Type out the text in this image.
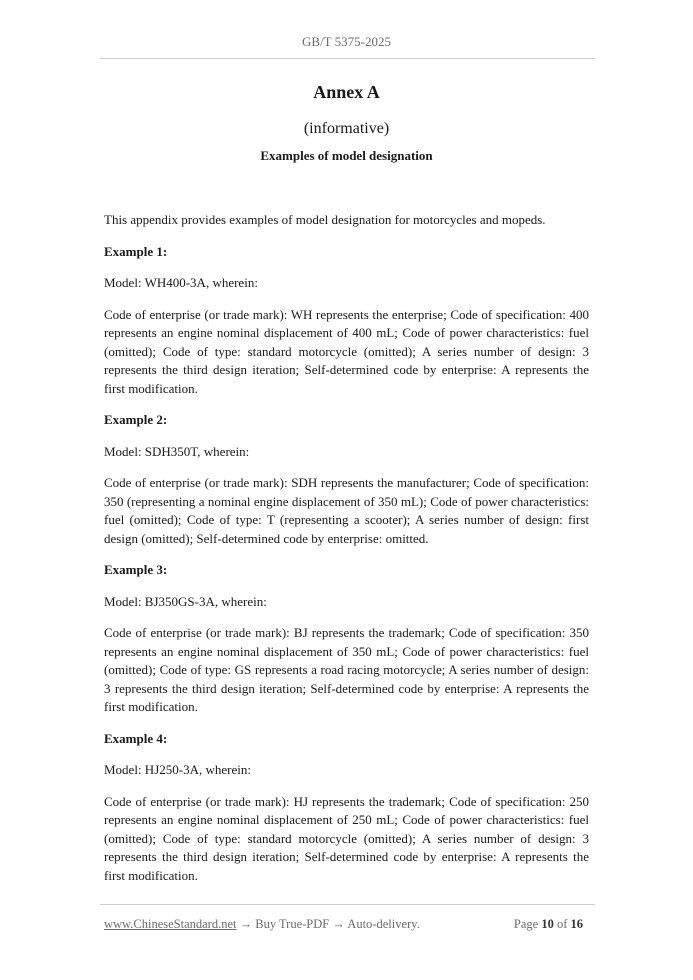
GB/T 5375-2025
Annex A
(informative)
Examples of model designation

This appendix provides examples of model designation for motorcycles and mopeds.

Example 1:

Model: WH400-3A, wherein:

Code of enterprise (or trade mark): WH represents the enterprise; Code of specification: 400 represents an engine nominal displacement of 400 mL; Code of power characteristics: fuel (omitted); Code of type: standard motorcycle (omitted); A series number of design: 3 represents the third design iteration; Self-determined code by enterprise: A represents the first modification.

Example 2:

Model: SDH350T, wherein:

Code of enterprise (or trade mark): SDH represents the manufacturer; Code of specification: 350 (representing a nominal engine displacement of 350 mL); Code of power characteristics: fuel (omitted); Code of type: T (representing a scooter); A series number of design: first design (omitted); Self-determined code by enterprise: omitted.

Example 3:

Model: BJ350GS-3A, wherein:

Code of enterprise (or trade mark): BJ represents the trademark; Code of specification: 350 represents an engine nominal displacement of 350 mL; Code of power characteristics: fuel (omitted); Code of type: GS represents a road racing motorcycle; A series number of design: 3 represents the third design iteration; Self-determined code by enterprise: A represents the first modification.

Example 4:

Model: HJ250-3A, wherein:

Code of enterprise (or trade mark): HJ represents the trademark; Code of specification: 250 represents an engine nominal displacement of 250 mL; Code of power characteristics: fuel (omitted); Code of type: standard motorcycle (omitted); A series number of design: 3 represents the third design iteration; Self-determined code by enterprise: A represents the first modification.

www.ChineseStandard.net → Buy True-PDF → Auto-delivery.	Page 10 of 16
